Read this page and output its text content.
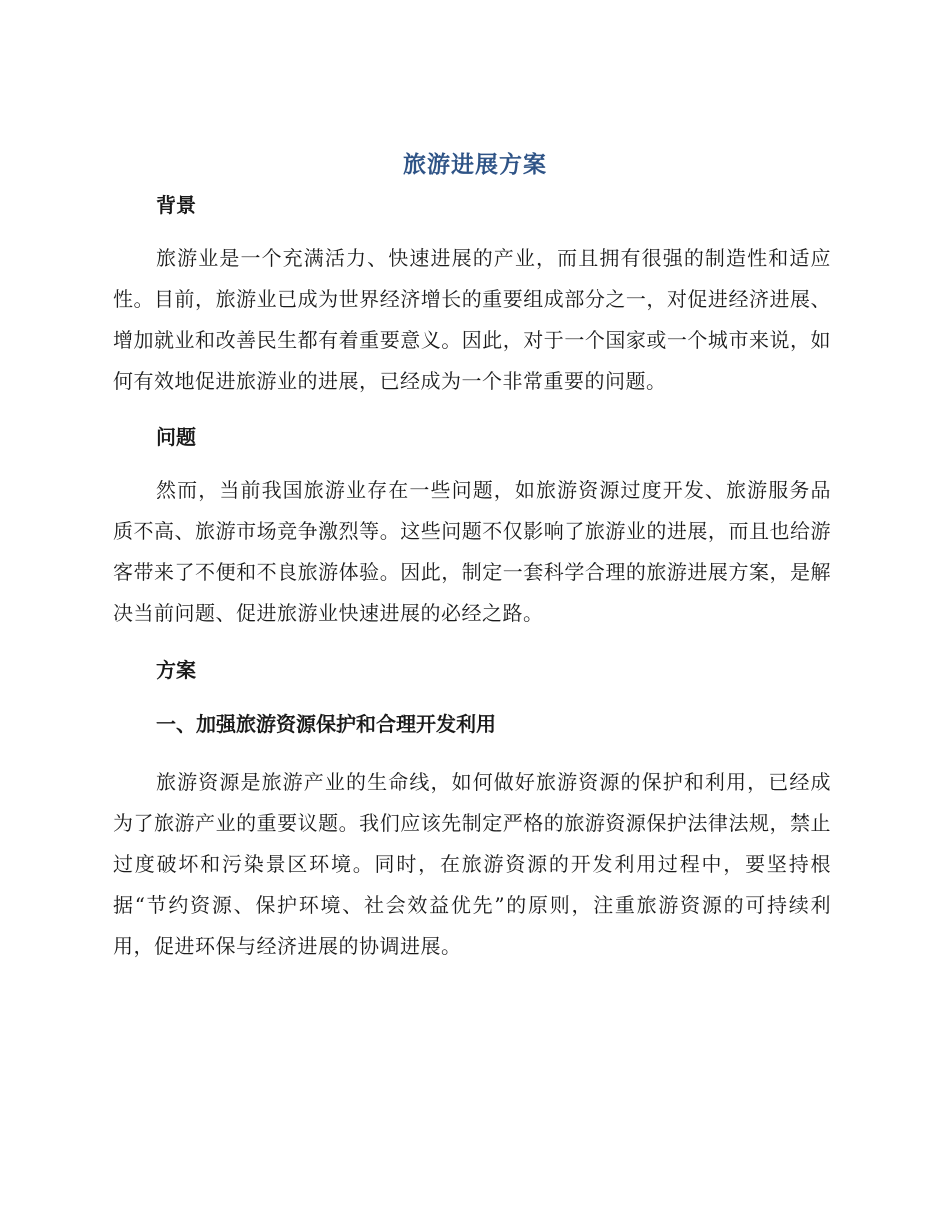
旅游进展方案
背景

旅游业是一个充满活力、快速进展的产业，而且拥有很强的制造性和适应性。目前，旅游业已成为世界经济增长的重要组成部分之一，对促进经济进展、增加就业和改善民生都有着重要意义。因此，对于一个国家或一个城市来说，如何有效地促进旅游业的进展，已经成为一个非常重要的问题。

问题

然而，当前我国旅游业存在一些问题，如旅游资源过度开发、旅游服务品质不高、旅游市场竞争激烈等。这些问题不仅影响了旅游业的进展，而且也给游客带来了不便和不良旅游体验。因此，制定一套科学合理的旅游进展方案，是解决当前问题、促进旅游业快速进展的必经之路。

方案
一、加强旅游资源保护和合理开发利用

旅游资源是旅游产业的生命线，如何做好旅游资源的保护和利用，已经成为了旅游产业的重要议题。我们应该先制定严格的旅游资源保护法律法规，禁止过度破坏和污染景区环境。同时，在旅游资源的开发利用过程中，要坚持根据“节约资源、保护环境、社会效益优先”的原则，注重旅游资源的可持续利用，促进环保与经济进展的协调进展。
